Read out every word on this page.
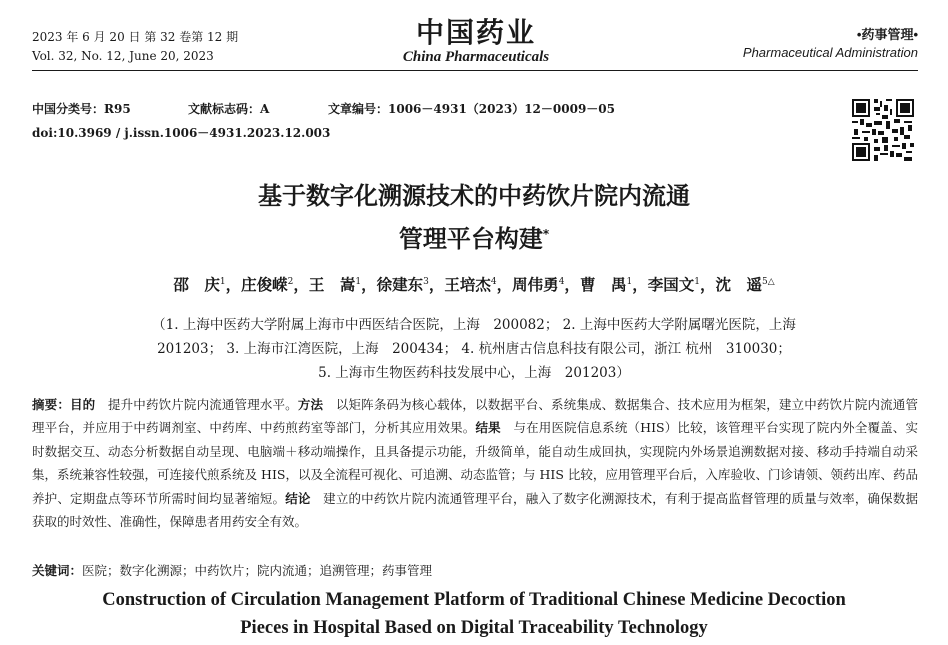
2023 年 6 月 20 日 第 32 卷第 12 期
Vol. 32, No. 12, June 20, 2023
中国药业
China Pharmaceuticals
•药事管理•
Pharmaceutical Administration
中国分类号：R95	文献标志码：A	文章编号：1006－4931（2023）12－0009－05
doi:10.3969 / j.issn.1006－4931.2023.12.003
基于数字化溯源技术的中药饮片院内流通
管理平台构建*
邵　庆$^1$，庄俊嵘$^2$，王　嵩$^1$，徐建东$^3$，王培杰$^4$，周伟勇$^4$，曹　禺$^1$，李国文$^1$，沈　遥$^{5\triangle}$
（1. 上海中医药大学附属上海市中西医结合医院，上海　200082； 2. 上海中医药大学附属曙光医院，上海
201203； 3. 上海市江湾医院，上海　200434； 4. 杭州唐古信息科技有限公司，浙江 杭州　310030；
5. 上海市生物医药科技发展中心，上海　201203）
摘要：目的　提升中药饮片院内流通管理水平。方法　以矩阵条码为核心载体，以数据平台、系统集成、数据集合、技术应用为框架，建立中药饮片院内流通管理平台，并应用于中药调剂室、中药库、中药煎药室等部门，分析其应用效果。结果　与在用医院信息系统（HIS）比较，该管理平台实现了院内外全覆盖、实时数据交互、动态分析数据自动呈现、电脑端＋移动端操作，且具备提示功能，升级简单，能自动生成回执，实现院内外场景追溯数据对接、移动手持端自动采集，系统兼容性较强，可连接代煎系统及 HIS，以及全流程可视化、可追溯、动态监管；与 HIS 比较，应用管理平台后，入库验收、门诊请领、领药出库、药品养护、定期盘点等环节所需时间均显著缩短。结论　建立的中药饮片院内流通管理平台，融入了数字化溯源技术，有利于提高监督管理的质量与效率，确保数据获取的时效性、准确性，保障患者用药安全有效。
关键词：医院；数字化溯源；中药饮片；院内流通；追溯管理；药事管理
Construction of Circulation Management Platform of Traditional Chinese Medicine Decoction
Pieces in Hospital Based on Digital Traceability Technology
